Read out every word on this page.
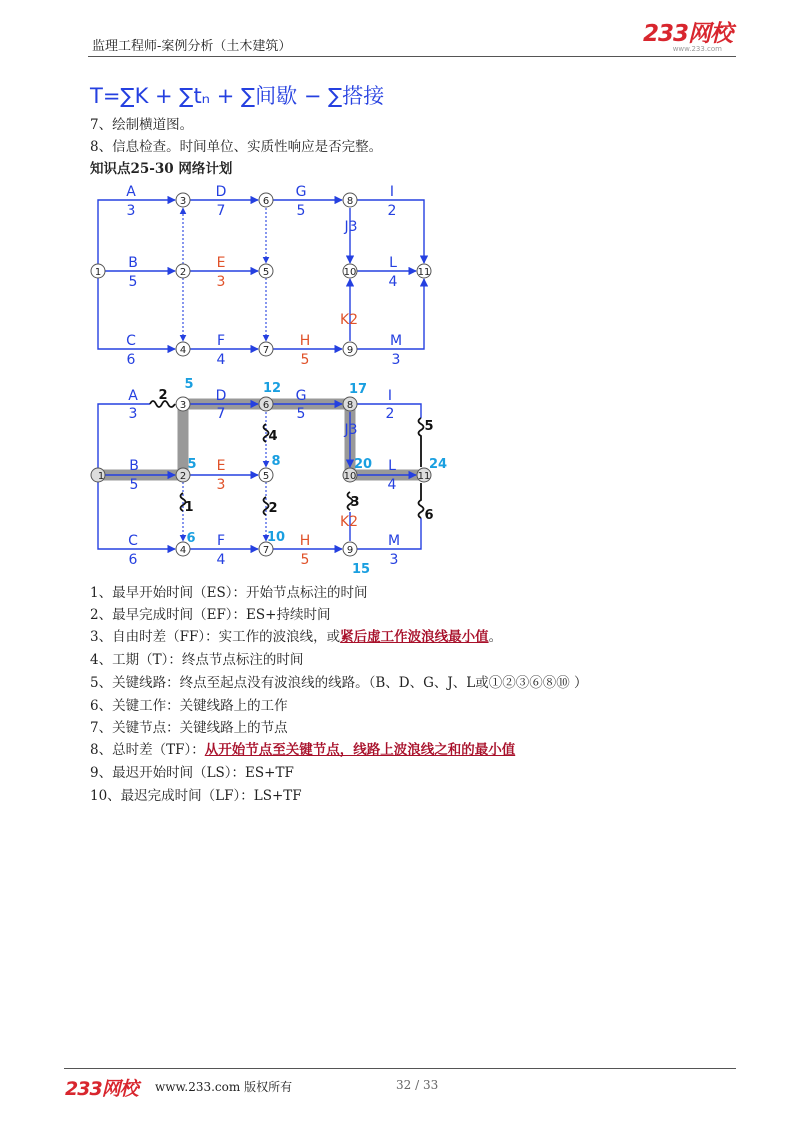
监理工程师-案例分析（土木建筑）	233网校
www.233.com
T=∑K + ∑tₙ + ∑间歇 − ∑搭接
7、绘制横道图。
8、信息检查。时间单位、实质性响应是否完整。
知识点25-30 网络计划
1	2
3
4
5
6
7
8
10
9
11
A
3
B
5
C
6
D
7
E
3
F
4
G
5
H
5
I
2
J3
K2
L
4
M
3
1	2
3
4
5
6
7
8
10
9
11
A
3
B
5
C
6
D
7
E
3
F
4
G
5
H
5
I
2
J3
K2
L
4
M
3
5	12	17
5	8	20	24
6	10
15
2
4
1	2	3
5
6
1、最早开始时间（ES）：开始节点标注的时间
2、最早完成时间（EF）：ES+持续时间
3、自由时差（FF）：实工作的波浪线，或紧后虚工作波浪线最小值。
4、工期（T）：终点节点标注的时间
5、关键线路：终点至起点没有波浪线的线路。（B、D、G、J、L或①②③⑥⑧⑩ ）
6、关键工作：关键线路上的工作
7、关键节点：关键线路上的节点
8、总时差（TF）：从开始节点至关键节点，线路上波浪线之和的最小值
9、最迟开始时间（LS）：ES+TF
10、最迟完成时间（LF）：LS+TF
233网校 www.233.com 版权所有	32 / 33
